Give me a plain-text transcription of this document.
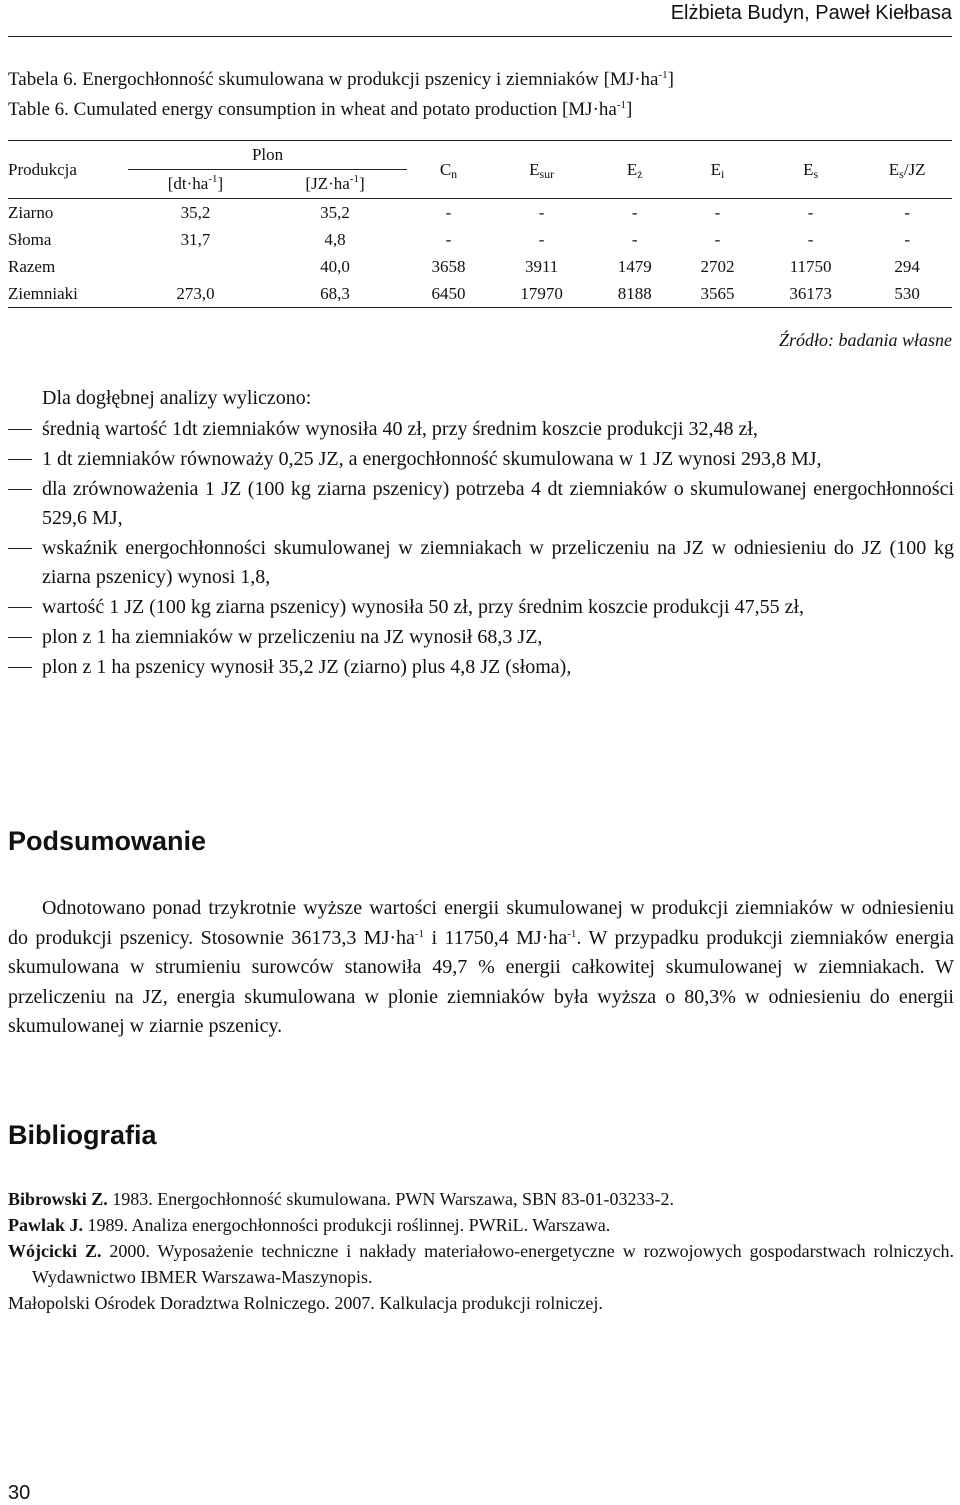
Elżbieta Budyn, Paweł Kiełbasa
Tabela 6. Energochłonność skumulowana w produkcji pszenicy i ziemniaków $[MJ\cdot ha^{-1}]$
Table 6. Cumulated energy consumption in wheat and potato production $[MJ\cdot ha^{-1}]$
Produkcja	Plon		$C_n$	$E_{sur}$	$E_ż$	$E_i$	$E_s$	$E_s/JZ$
	$[dt\cdot ha^{-1}]$	$[JZ\cdot ha^{-1}]$						
Ziarno	35,2	35,2	-	-	-	-	-	-
Słoma	31,7	4,8	-	-	-	-	-	-
Razem		40,0	3658	3911	1479	2702	11750	294
Ziemniaki	273,0	68,3	6450	17970	8188	3565	36173	530
Źródło: badania własne
Dla dogłębnej analizy wyliczono:
średnią wartość 1dt ziemniaków wynosiła 40 zł, przy średnim koszcie produkcji 32,48 zł,
1 dt ziemniaków równoważy 0,25 JZ, a energochłonność skumulowana w 1 JZ wynosi 293,8 MJ,
dla zrównoważenia 1 JZ (100 kg ziarna pszenicy) potrzeba 4 dt ziemniaków o skumulowanej energochłonności 529,6 MJ,
wskaźnik energochłonności skumulowanej w ziemniakach w przeliczeniu na JZ w odniesieniu do JZ (100 kg ziarna pszenicy) wynosi 1,8,
wartość 1 JZ (100 kg ziarna pszenicy) wynosiła 50 zł, przy średnim koszcie produkcji 47,55 zł,
plon z 1 ha ziemniaków w przeliczeniu na JZ wynosił 68,3 JZ,
plon z 1 ha pszenicy wynosił 35,2 JZ (ziarno) plus 4,8 JZ (słoma),
Podsumowanie

Odnotowano ponad trzykrotnie wyższe wartości energii skumulowanej w produkcji ziemniaków w odniesieniu do produkcji pszenicy. Stosownie 36173,3 $MJ\cdot ha^{-1}$ i 11750,4 $MJ\cdot ha^{-1}$. W przypadku produkcji ziemniaków energia skumulowana w strumieniu surowców stanowiła 49,7 % energii całkowitej skumulowanej w ziemniakach. W przeliczeniu na JZ, energia skumulowana w plonie ziemniaków była wyższa o 80,3% w odniesieniu do energii skumulowanej w ziarnie pszenicy.

Bibliografia
Bibrowski Z. 1983. Energochłonność skumulowana. PWN Warszawa, SBN 83-01-03233-2.
Pawlak J. 1989. Analiza energochłonności produkcji roślinnej. PWRiL. Warszawa.
Wójcicki Z. 2000. Wyposażenie techniczne i nakłady materiałowo-energetyczne w rozwojowych gospodarstwach rolniczych. Wydawnictwo IBMER Warszawa-Maszynopis.
Małopolski Ośrodek Doradztwa Rolniczego. 2007. Kalkulacja produkcji rolniczej.
30
